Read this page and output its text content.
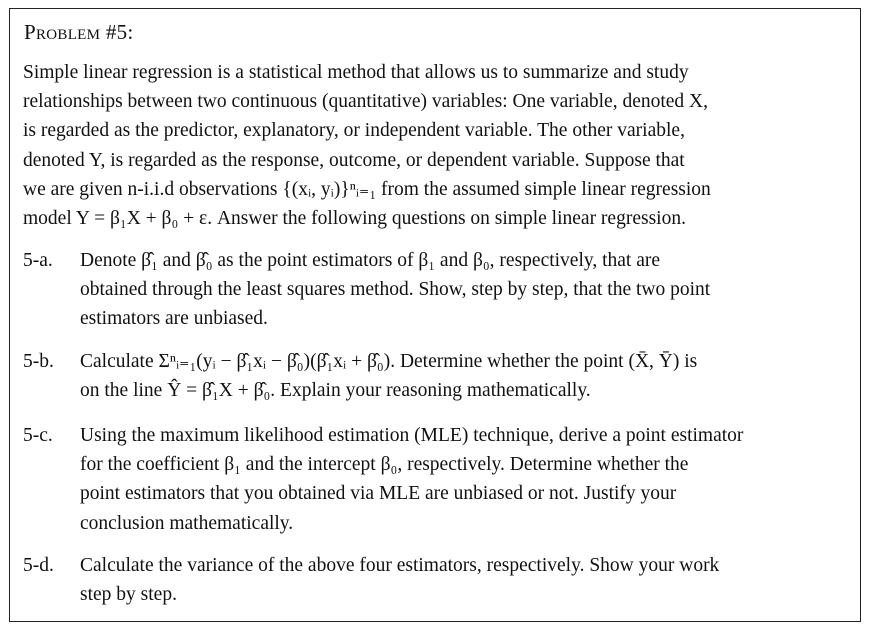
Problem #5:
Simple linear regression is a statistical method that allows us to summarize and study
relationships between two continuous (quantitative) variables: One variable, denoted X,
is regarded as the predictor, explanatory, or independent variable. The other variable,
denoted Y, is regarded as the response, outcome, or dependent variable. Suppose that
we are given n-i.i.d observations {(xᵢ, yᵢ)}ⁿᵢ₌₁ from the assumed simple linear regression
model Y = β₁X + β₀ + ε. Answer the following questions on simple linear regression.
5-a. Denote β̂₁ and β̂₀ as the point estimators of β₁ and β₀, respectively, that are
obtained through the least squares method. Show, step by step, that the two point
estimators are unbiased.
5-b. Calculate Σⁿᵢ₌₁(yᵢ − β̂₁xᵢ − β̂₀)(β̂₁xᵢ + β̂₀). Determine whether the point (X̄, Ȳ) is
on the line Ŷ = β̂₁X + β̂₀. Explain your reasoning mathematically.
5-c. Using the maximum likelihood estimation (MLE) technique, derive a point estimator
for the coefficient β₁ and the intercept β₀, respectively. Determine whether the
point estimators that you obtained via MLE are unbiased or not. Justify your
conclusion mathematically.
5-d. Calculate the variance of the above four estimators, respectively. Show your work
step by step.
